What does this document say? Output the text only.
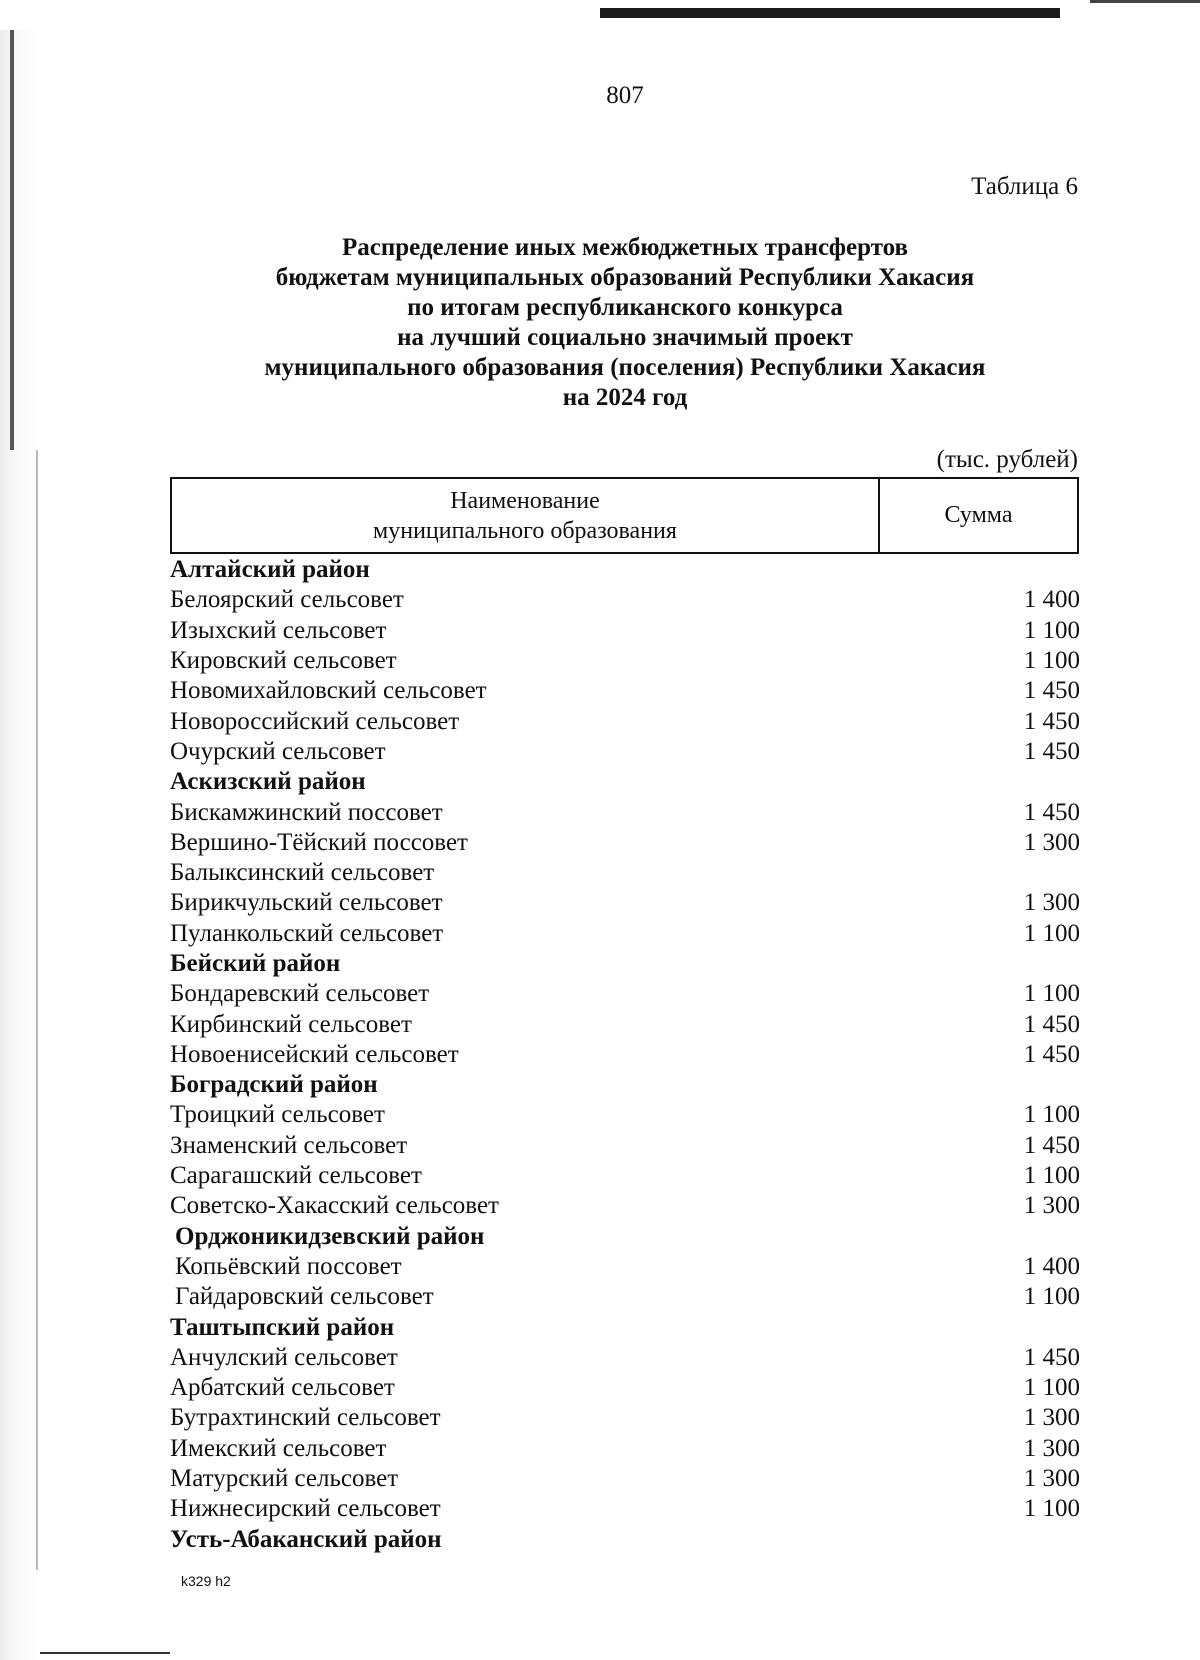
807
Таблица 6
Распределение иных межбюджетных трансфертов
бюджетам муниципальных образований Республики Хакасия
по итогам республиканского конкурса
на лучший социально значимый проект
муниципального образования (поселения) Республики Хакасия
на 2024 год
(тыс. рублей)
Наименование
муниципального образования
Сумма
Алтайский район
Белоярский сельсовет	1 400
Изыхский сельсовет	1 100
Кировский сельсовет	1 100
Новомихайловский сельсовет	1 450
Новороссийский сельсовет	1 450
Очурский сельсовет	1 450
Аскизский район
Бискамжинский поссовет	1 450
Вершино-Тёйский поссовет	1 300
Балыксинский сельсовет
Бирикчульский сельсовет	1 300
Пуланкольский сельсовет	1 100
Бейский район
Бондаревский сельсовет	1 100
Кирбинский сельсовет	1 450
Новоенисейский сельсовет	1 450
Боградский район
Троицкий сельсовет	1 100
Знаменский сельсовет	1 450
Сарагашский сельсовет	1 100
Советско-Хакасский сельсовет	1 300
Орджоникидзевский район
Копьёвский поссовет	1 400
Гайдаровский сельсовет	1 100
Таштыпский район
Анчулский сельсовет	1 450
Арбатский сельсовет	1 100
Бутрахтинский сельсовет	1 300
Имекский сельсовет	1 300
Матурский сельсовет	1 300
Нижнесирский сельсовет	1 100
Усть-Абаканский район
k329 h2
